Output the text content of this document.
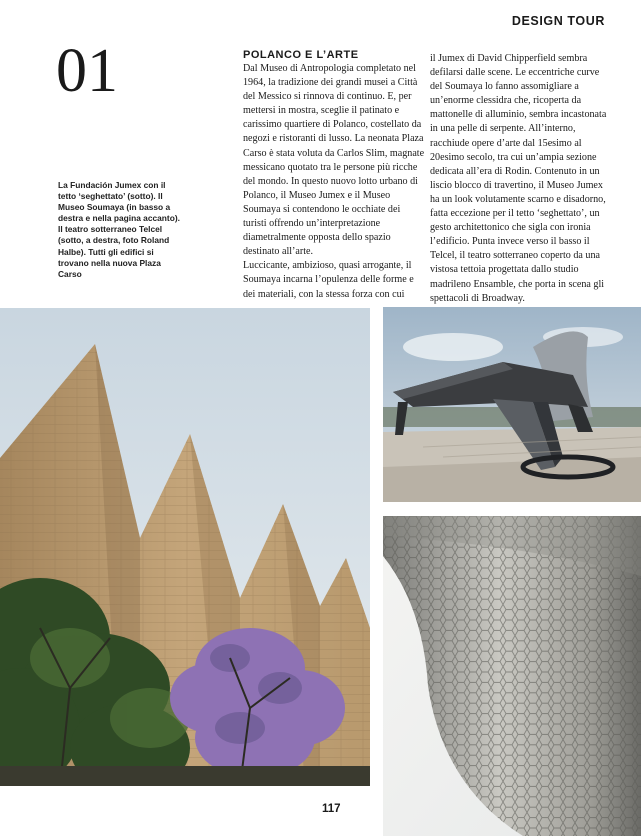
DESIGN TOUR
01

La Fundación Jumex con il tetto ‘seghettato’ (sotto). Il Museo Soumaya (in basso a destra e nella pagina accanto). Il teatro sotterraneo Telcel (sotto, a destra, foto Roland Halbe). Tutti gli edifici si trovano nella nuova Plaza Carso

POLANCO E L’ARTE

Dal Museo di Antropologia completato nel 1964, la tradizione dei grandi musei a Città del Messico si rinnova di continuo. E, per mettersi in mostra, sceglie il patinato e carissimo quartiere di Polanco, costellato da negozi e ristoranti di lusso. La neonata Plaza Carso è stata voluta da Carlos Slim, magnate messicano quotato tra le persone più ricche del mondo. In questo nuovo lotto urbano di Polanco, il Museo Jumex e il Museo Soumaya si contendono le occhiate dei turisti offrendo un’interpretazione diametralmente opposta dello spazio destinato all’arte.

Luccicante, ambizioso, quasi arrogante, il Soumaya incarna l’opulenza delle forme e dei materiali, con la stessa forza con cui

il Jumex di David Chipperfield sembra defilarsi dalle scene. Le eccentriche curve del Soumaya lo fanno assomigliare a un’enorme clessidra che, ricoperta da mattonelle di alluminio, sembra incastonata in una pelle di serpente. All’interno, racchiude opere d’arte dal 15esimo al 20esimo secolo, tra cui un’ampia sezione dedicata all’era di Rodin. Contenuto in un liscio blocco di travertino, il Museo Jumex ha un look volutamente scarno e disadorno, fatta eccezione per il tetto ‘seghettato’, un gesto architettonico che sigla con ironia l’edificio. Punta invece verso il basso il Telcel, il teatro sotterraneo coperto da una vistosa tettoia progettata dallo studio madrileno Ensamble, che porta in scena gli spettacoli di Broadway.

117
